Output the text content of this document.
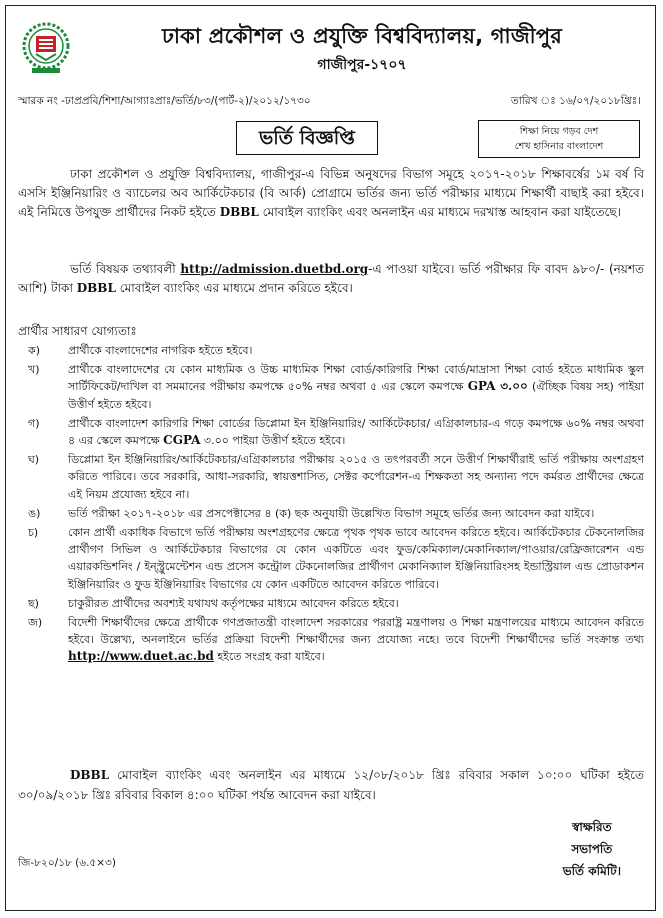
ঢাকা প্রকৌশল ও প্রযুক্তি বিশ্ববিদ্যালয়, গাজীপুর
গাজীপুর-১৭০৭
স্মারক নং -ঢাপ্রপ্রবি/শিশা/আগ্যাঃপ্রাঃ/ভর্তি/৮৩/(পার্ট-২)/২০১২/১৭৩০	তারিখ ঃ ১৬/০৭/২০১৮খ্রিঃ।
ভর্তি বিজ্ঞপ্তি	শিক্ষা নিয়ে গড়ব দেশ
শেখ হাসিনার বাংলাদেশ
ঢাকা প্রকৌশল ও প্রযুক্তি বিশ্ববিদ্যালয়, গাজীপুর-এ বিভিন্ন অনুষদের বিভাগ সমূহে ২০১৭-২০১৮ শিক্ষাবর্ষের ১ম বর্ষ বি এসসি ইঞ্জিনিয়ারিং ও ব্যাচেলর অব আর্কিটেকচার (বি আর্ক) প্রোগ্রামে ভর্তির জন্য ভর্তি পরীক্ষার মাধ্যমে শিক্ষার্থী বাছাই করা হইবে। এই নিমিত্তে উপযুক্ত প্রার্থীদের নিকট হইতে DBBL মোবাইল ব্যাংকিং এবং অনলাইন এর মাধ্যমে দরখাস্ত আহবান করা যাইতেছে।
ভর্তি বিষয়ক তথ্যাবলী http://admission.duetbd.org-এ পাওয়া যাইবে। ভর্তি পরীক্ষার ফি বাবদ ৯৮০/- (নয়শত আশি) টাকা DBBL মোবাইল ব্যাংকিং এর মাধ্যমে প্রদান করিতে হইবে।
প্রার্থীর সাধারণ যোগ্যতাঃ
ক)	প্রার্থীকে বাংলাদেশের নাগরিক হইতে হইবে।
খ)	প্রার্থীকে বাংলাদেশের যে কোন মাধ্যমিক ও উচ্চ মাধ্যমিক শিক্ষা বোর্ড/কারিগরি শিক্ষা বোর্ড/মাদ্রাসা শিক্ষা বোর্ড হইতে মাধ্যমিক স্কুল সার্টিফিকেট/দাখিল বা সমমানের পরীক্ষায় কমপক্ষে ৫০% নম্বর অথবা ৫ এর স্কেলে কমপক্ষে GPA ৩.০০ (ঐচ্ছিক বিষয় সহ) পাইয়া উত্তীর্ণ হইতে হইবে।
গ)	প্রার্থীকে বাংলাদেশ কারিগরি শিক্ষা বোর্ডের ডিপ্লোমা ইন ইঞ্জিনিয়ারিং/ আর্কিটেকচার/ এগ্রিকালচার-এ গড়ে কমপক্ষে ৬০% নম্বর অথবা ৪ এর স্কেলে কমপক্ষে CGPA ৩.০০ পাইয়া উত্তীর্ণ হইতে হইবে।
ঘ)	ডিপ্লোমা ইন ইঞ্জিনিয়ারিং/আর্কিটেকচার/এগ্রিকালচার পরীক্ষায় ২০১৫ ও তৎপরবর্তী সনে উত্তীর্ণ শিক্ষার্থীরাই ভর্তি পরীক্ষায় অংশগ্রহণ করিতে পারিবে। তবে সরকারি, আধা-সরকারি, স্বায়ত্তশাসিত, সেক্টর কর্পোরেশন-এ শিক্ষকতা সহ অন্যান্য পদে কর্মরত প্রার্থীদের ক্ষেত্রে এই নিয়ম প্রযোজ্য হইবে না।
ঙ)	ভর্তি পরীক্ষা ২০১৭-২০১৮ এর প্রসপেক্টাসের ৪ (ক) ছক অনুযায়ী উল্লেখিত বিভাগ সমূহে ভর্তির জন্য আবেদন করা যাইবে।
চ)	কোন প্রার্থী একাধিক বিভাগে ভর্তি পরীক্ষায় অংশগ্রহণের ক্ষেত্রে পৃথক পৃথক ভাবে আবেদন করিতে হইবে। আর্কিটেকচার টেকনোলজির প্রার্থীগণ সিভিল ও আর্কিটেকচার বিভাগের যে কোন একটিতে এবং ফুড/কেমিক্যাল/মেকানিক্যাল/পাওয়ার/রেফ্রিজারেশন এন্ড এয়ারকন্ডিশনিং / ইন্স্ট্রুমেন্টেশন এন্ড প্রসেস কন্ট্রোল টেকনোলজির প্রার্থীগণ মেকানিক্যাল ইঞ্জিনিয়ারিংসহ ইন্ডাস্ট্রিয়াল এন্ড প্রোডাকশন ইঞ্জিনিয়ারিং ও ফুড ইঞ্জিনিয়ারিং বিভাগের যে কোন একটিতে আবেদন করিতে পারিবে।
ছ)	চাকুরীরত প্রার্থীদের অবশ্যই যথাযথ কর্তৃপক্ষের মাধ্যমে আবেদন করিতে হইবে।
জ)	বিদেশী শিক্ষার্থীদের ক্ষেত্রে প্রার্থীকে গণপ্রজাতন্ত্রী বাংলাদেশ সরকারের পররাষ্ট্র মন্ত্রণালয় ও শিক্ষা মন্ত্রণালয়ের মাধ্যমে আবেদন করিতে হইবে। উল্লেখ্য, অনলাইনে ভর্তির প্রক্রিয়া বিদেশী শিক্ষার্থীদের জন্য প্রযোজ্য নহে। তবে বিদেশী শিক্ষার্থীদের ভর্তি সংক্রান্ত তথ্য http://www.duet.ac.bd হইতে সংগ্রহ করা যাইবে।
DBBL মোবাইল ব্যাংকিং এবং অনলাইন এর মাধ্যমে ১২/০৮/২০১৮ খ্রিঃ রবিবার সকাল ১০:০০ ঘটিকা হইতে ৩০/০৯/২০১৮ খ্রিঃ রবিবার বিকাল ৪:০০ ঘটিকা পর্যন্ত আবেদন করা যাইবে।
স্বাক্ষরিত
সভাপতি
ভর্তি কমিটি।
জি-৮২০/১৮ (৬.৫×৩)
